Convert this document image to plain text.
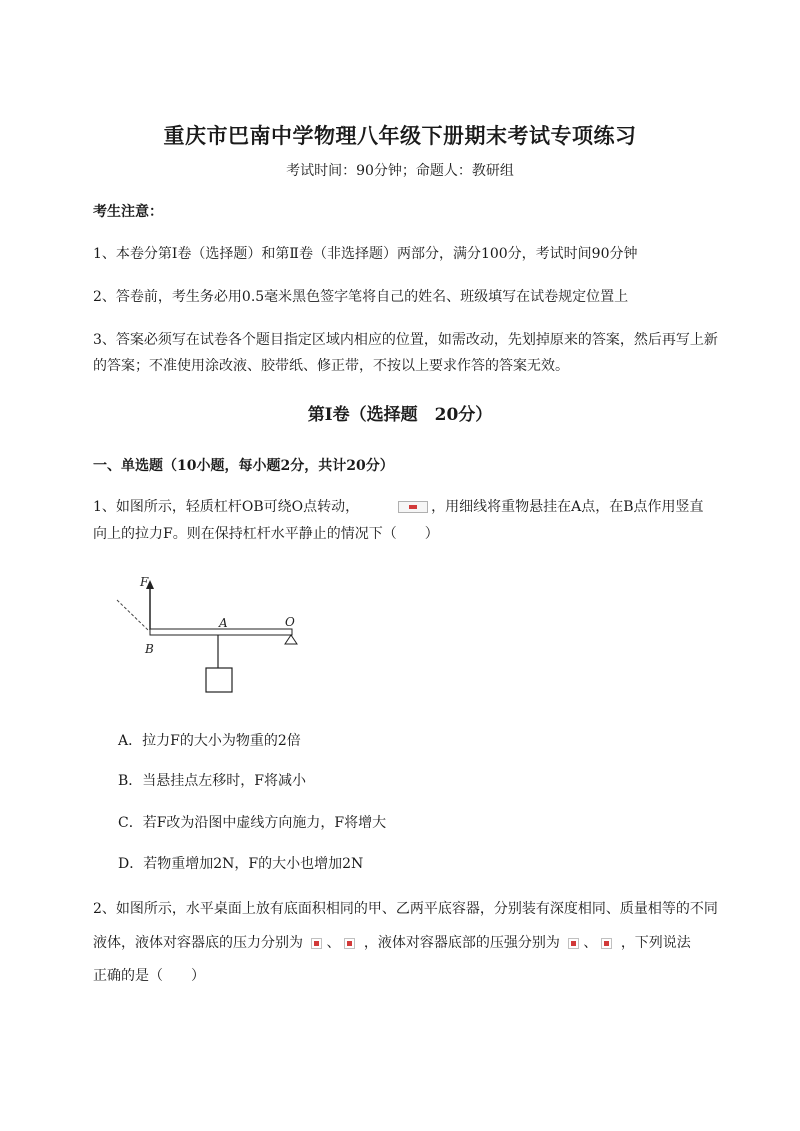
重庆市巴南中学物理八年级下册期末考试专项练习
考试时间：90分钟；命题人：教研组
考生注意：
1、本卷分第I卷（选择题）和第Ⅱ卷（非选择题）两部分，满分100分，考试时间90分钟
2、答卷前，考生务必用0.5毫米黑色签字笔将自己的姓名、班级填写在试卷规定位置上
3、答案必须写在试卷各个题目指定区域内相应的位置，如需改动，先划掉原来的答案，然后再写上新
的答案；不准使用涂改液、胶带纸、修正带，不按以上要求作答的答案无效。
第I卷（选择题　20分）
一、单选题（10小题，每小题2分，共计20分）
1、如图所示，轻质杠杆OB可绕O点转动，	，用细线将重物悬挂在A点，在B点作用竖直
向上的拉力F。则在保持杠杆水平静止的情况下（　　）
F
A	O
B
A．拉力F的大小为物重的2倍
B．当悬挂点左移时，F将减小
C．若F改为沿图中虚线方向施力，F将增大
D．若物重增加2N，F的大小也增加2N
2、如图所示，水平桌面上放有底面积相同的甲、乙两平底容器，分别装有深度相同、质量相等的不同
液体，液体对容器底的压力分别为 、 ，液体对容器底部的压强分别为 、 ，下列说法
正确的是（　　）
